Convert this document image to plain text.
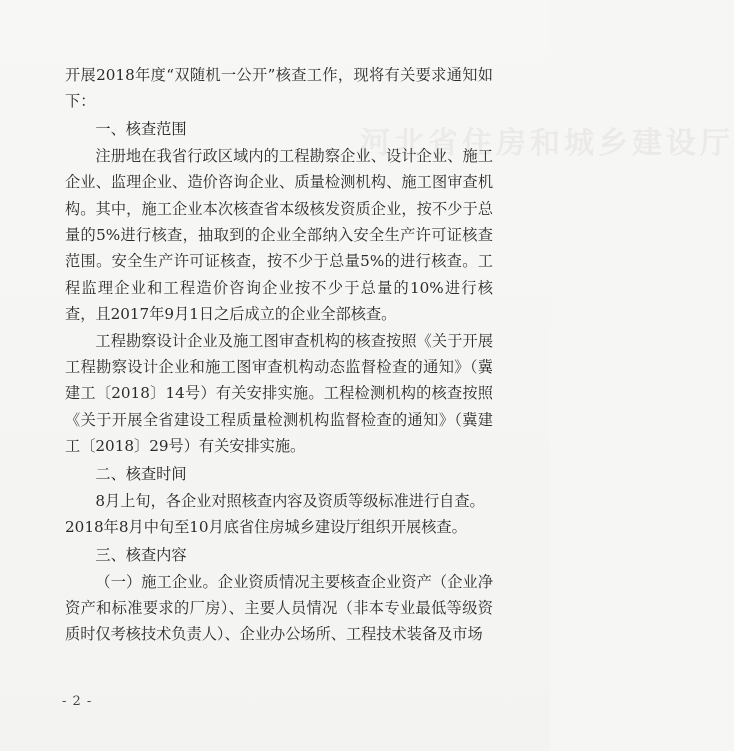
河北省住房和城乡建设厅

开展2018年度“双随机一公开”核查工作，现将有关要求通知如下：

一、核查范围

注册地在我省行政区域内的工程勘察企业、设计企业、施工企业、监理企业、造价咨询企业、质量检测机构、施工图审查机构。其中，施工企业本次核查省本级核发资质企业，按不少于总量的5%进行核查，抽取到的企业全部纳入安全生产许可证核查范围。安全生产许可证核查，按不少于总量5%的进行核查。工程监理企业和工程造价咨询企业按不少于总量的10%进行核查，且2017年9月1日之后成立的企业全部核查。

工程勘察设计企业及施工图审查机构的核查按照《关于开展工程勘察设计企业和施工图审查机构动态监督检查的通知》（冀建工〔2018〕14号）有关安排实施。工程检测机构的核查按照《关于开展全省建设工程质量检测机构监督检查的通知》（冀建工〔2018〕29号）有关安排实施。

二、核查时间

8月上旬，各企业对照核查内容及资质等级标准进行自查。

2018年8月中旬至10月底省住房城乡建设厅组织开展核查。

三、核查内容

（一）施工企业。企业资质情况主要核查企业资产（企业净资产和标准要求的厂房）、主要人员情况（非本专业最低等级资质时仅考核技术负责人）、企业办公场所、工程技术装备及市场

- 2 -
